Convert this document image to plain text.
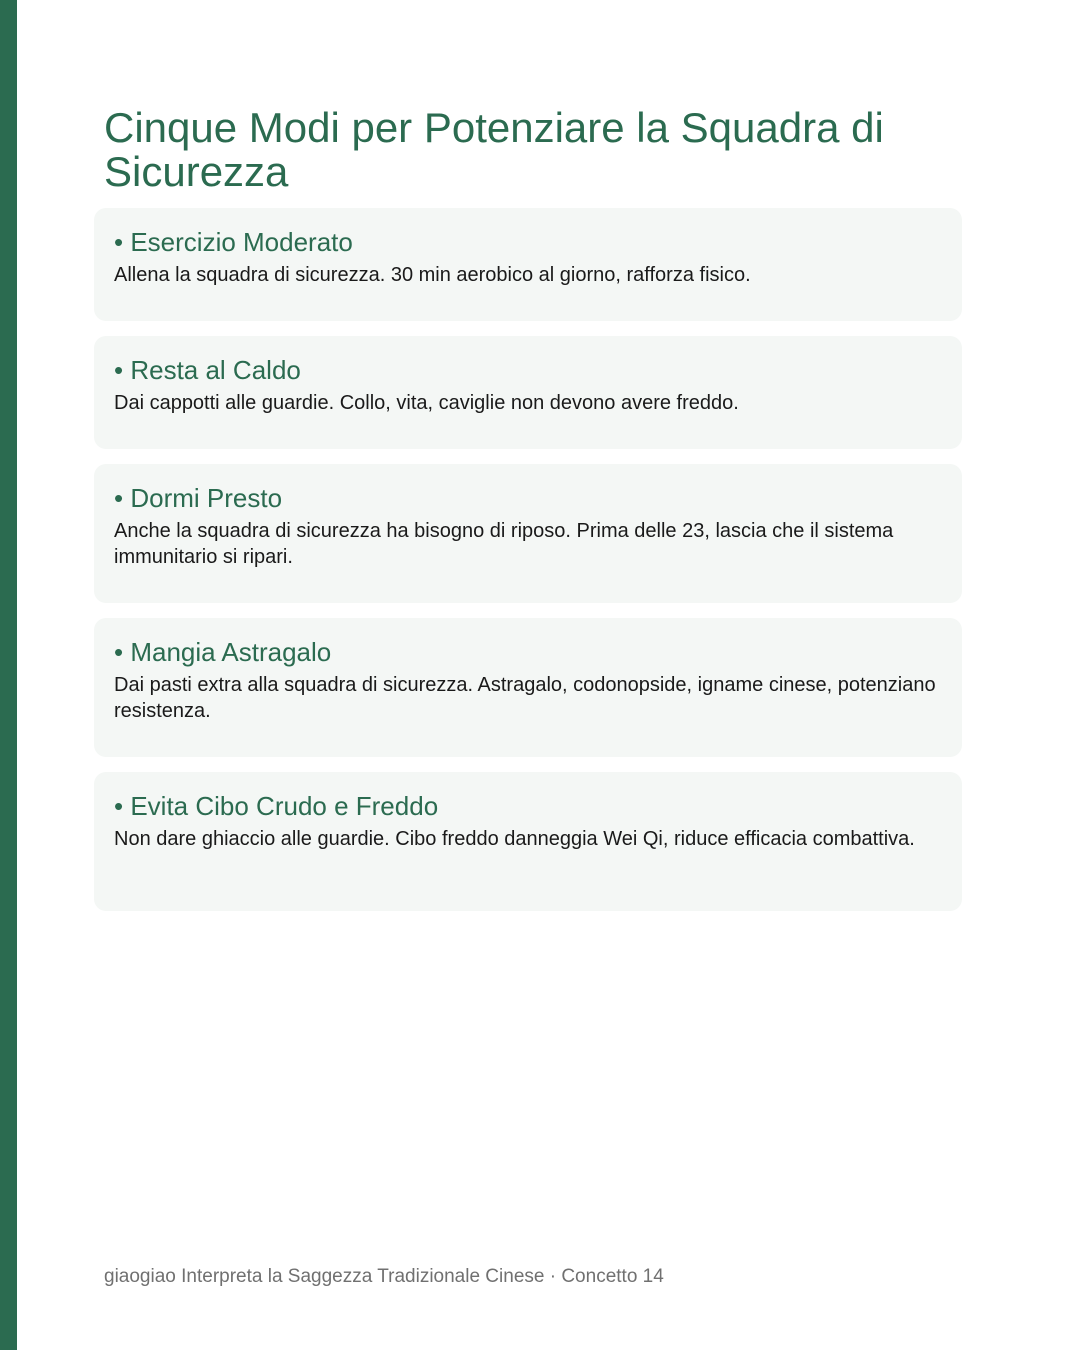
Cinque Modi per Potenziare la Squadra di Sicurezza
• Esercizio Moderato

Allena la squadra di sicurezza. 30 min aerobico al giorno, rafforza fisico.

• Resta al Caldo

Dai cappotti alle guardie. Collo, vita, caviglie non devono avere freddo.

• Dormi Presto

Anche la squadra di sicurezza ha bisogno di riposo. Prima delle 23, lascia che il sistema immunitario si ripari.

• Mangia Astragalo

Dai pasti extra alla squadra di sicurezza. Astragalo, codonopside, igname cinese, potenziano resistenza.

• Evita Cibo Crudo e Freddo

Non dare ghiaccio alle guardie. Cibo freddo danneggia Wei Qi, riduce efficacia combattiva.

giaogiao Interpreta la Saggezza Tradizionale Cinese · Concetto 14
